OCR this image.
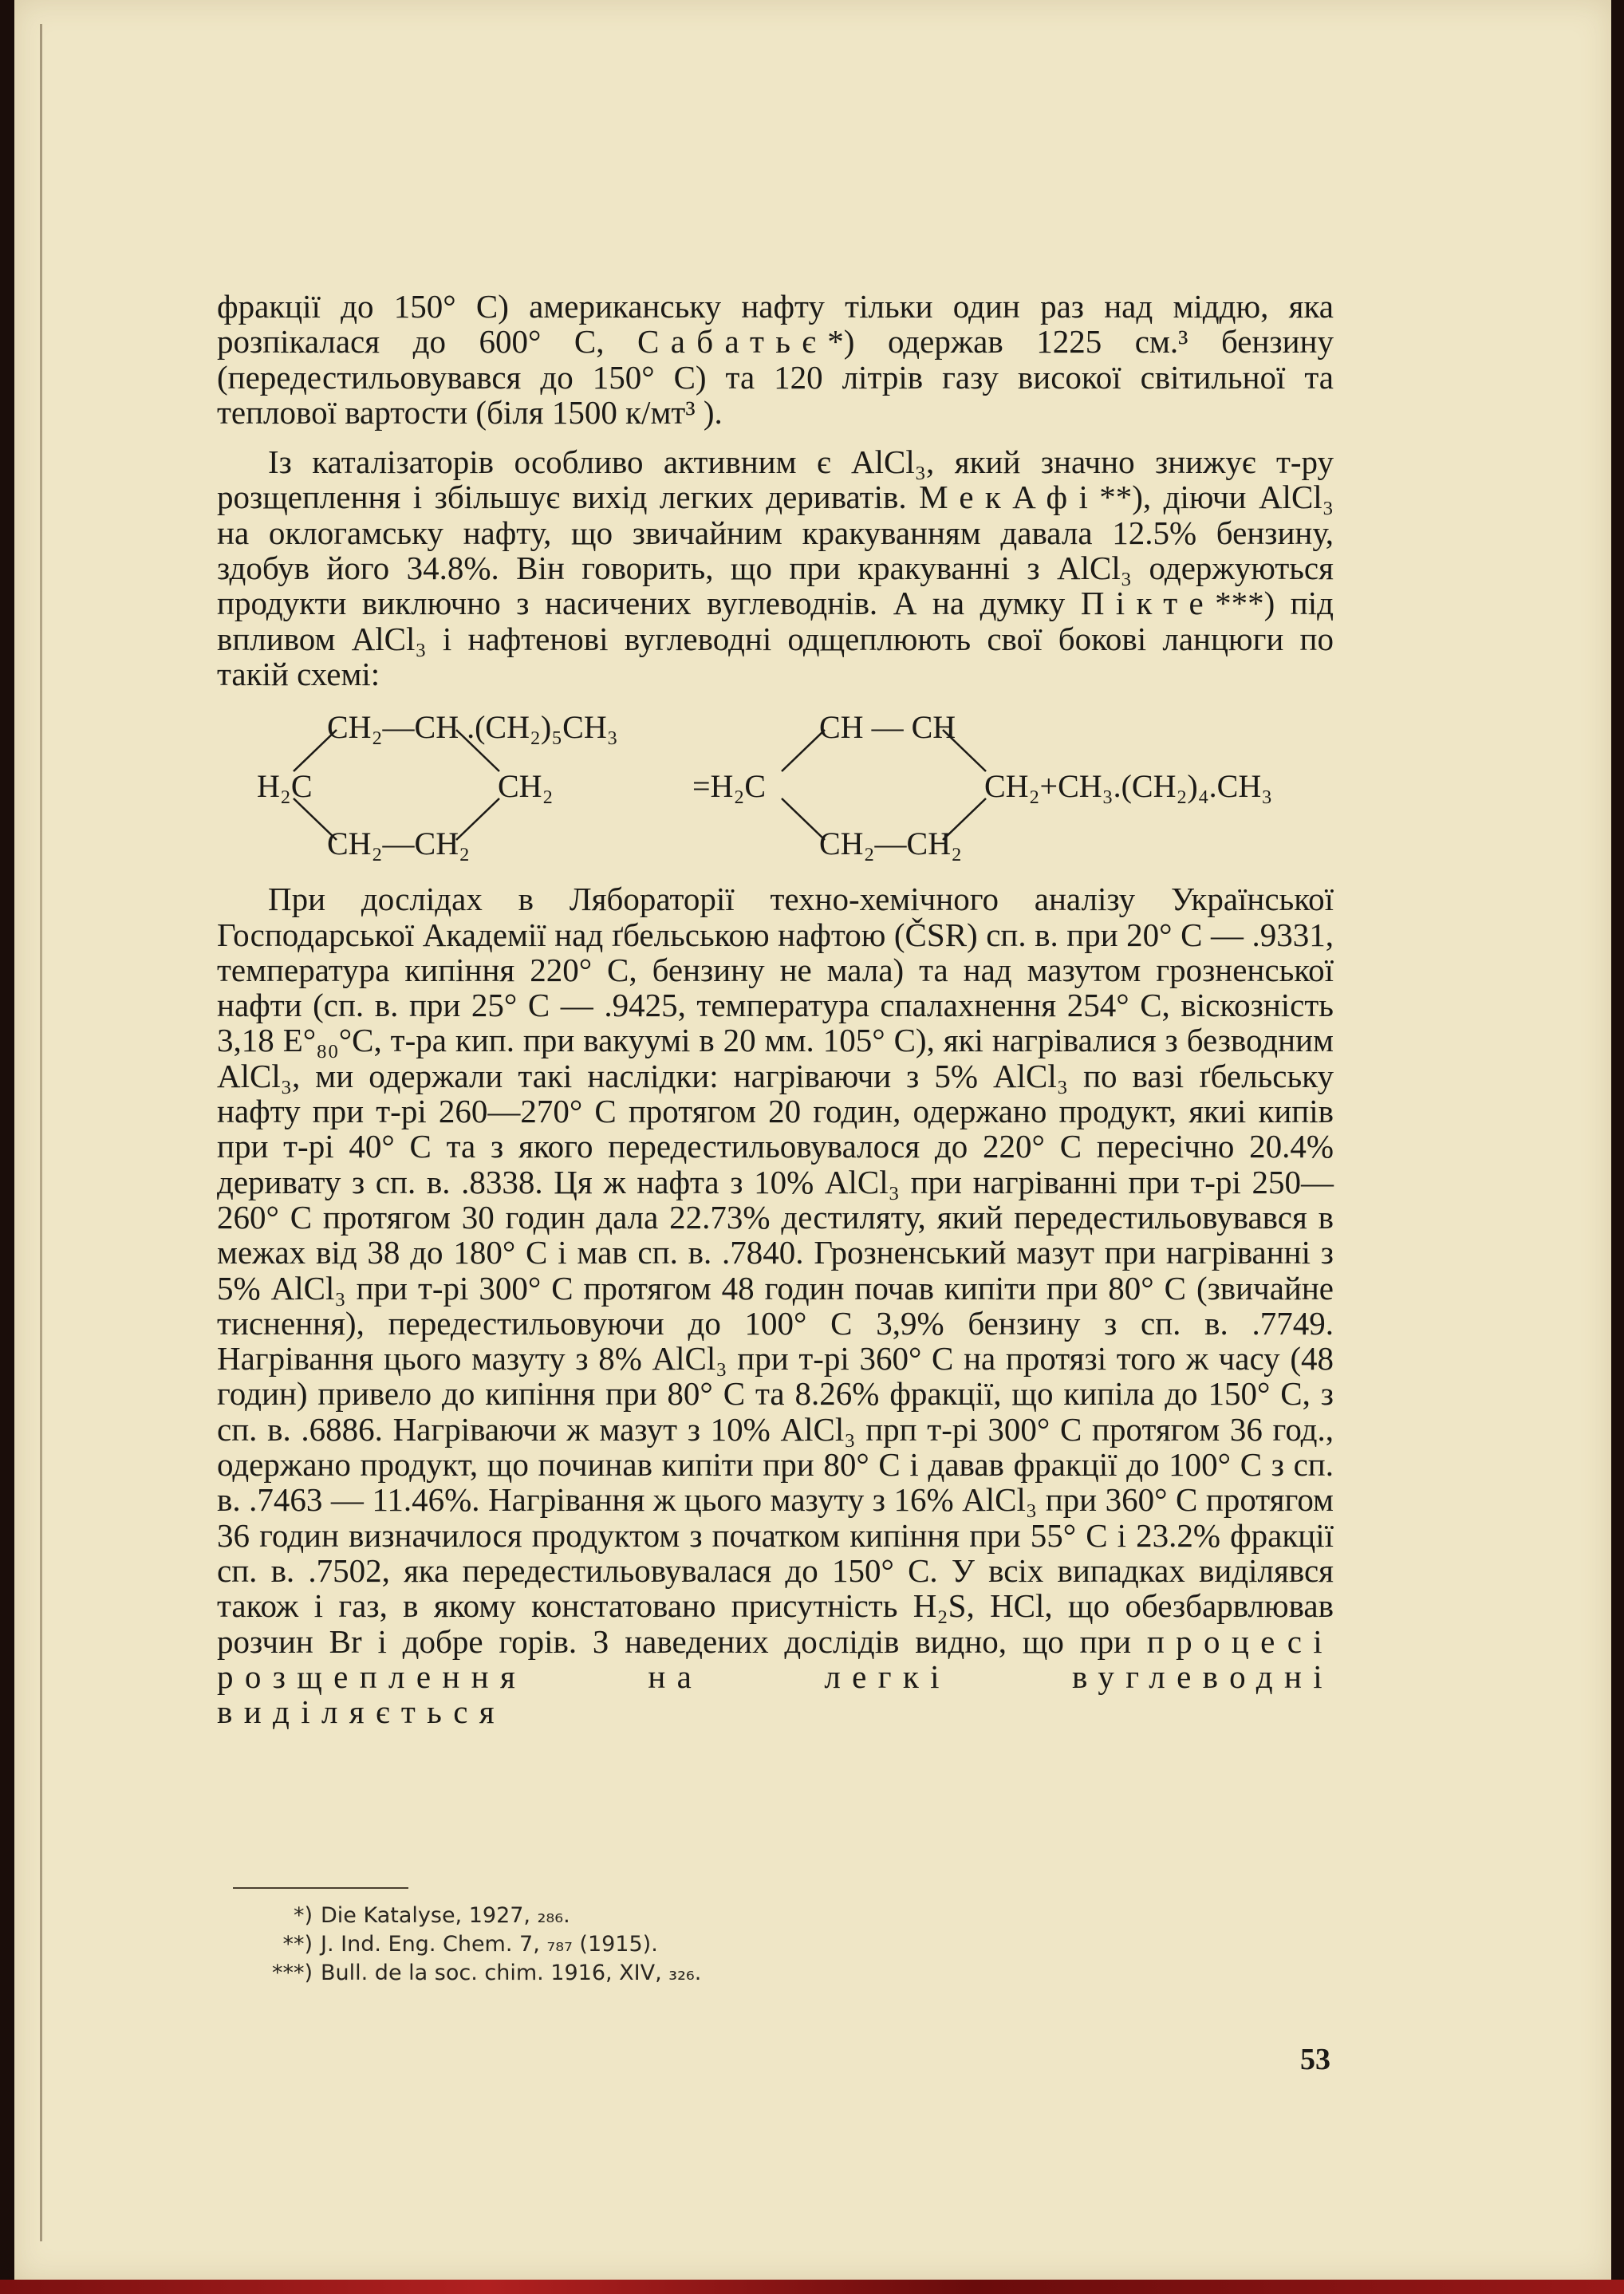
фракції до 150° С) американську нафту тільки один раз над міддю, яка розпікалася до 600° С, Сабатьє*) одержав 1225 см.³ бензину (передестильовувався до 150° С) та 120 літрів газу високої світильної та теплової вартости (біля 1500 к/мт³ ).

Із каталізаторів особливо активним є AlCl₃, який значно знижує т-ру розщеплення і збільшує вихід легких дериватів. МекАфі**), діючи AlCl₃ на оклогамську нафту, що звичайним кракуванням давала 12.5% бензину, здобув його 34.8%. Він говорить, що при кракуванні з AlCl₃ одержуються продукти виключно з насичених вуглеводнів. А на думку Пікте***) під впливом AlCl₃ і нафтенові вуглеводні одщеплюють свої бокові ланцюги по такій схемі:

CH₂—CH .(CH₂)₅CH₃
H₂C	CH₂
CH₂—CH₂
CH — CH
=H₂C	CH₂+CH₃.(CH₂)₄.CH₃
CH₂—CH₂

При дослідах в Лябораторії техно-хемічного аналізу Української Господарської Академії над ґбельською нафтою (ČSR) сп. в. при 20° С — .9331, температура кипіння 220° С, бензину не мала) та над мазутом грозненської нафти (сп. в. при 25° С — .9425, температура спалахнення 254° С, віскозність 3,18 E°₈₀°C, т-ра кип. при вакуумі в 20 мм. 105° С), які нагрівалися з безводним AlCl₃, ми одержали такі наслідки: нагріваючи з 5% AlCl₃ по вазі ґбельську нафту при т-рі 260—270° С протягом 20 годин, одержано продукт, якиі кипів при т-рі 40° С та з якого передестильовувалося до 220° С пересічно 20.4% деривату з сп. в. .8338. Ця ж нафта з 10% AlCl₃ при нагріванні при т-рі 250—260° С протягом 30 годин дала 22.73% дестиляту, який передестильовувався в межах від 38 до 180° С і мав сп. в. .7840. Грозненський мазут при нагріванні з 5% AlCl₃ при т-рі 300° С протягом 48 годин почав кипіти при 80° С (звичайне тиснення), передестильовуючи до 100° С 3,9% бензину з сп. в. .7749. Нагрівання цього мазуту з 8% AlCl₃ при т-рі 360° С на протязі того ж часу (48 годин) привело до кипіння при 80° С та 8.26% фракції, що кипіла до 150° С, з сп. в. .6886. Нагріваючи ж мазут з 10% AlCl₃ прп т-рі 300° С протягом 36 год., одержано продукт, що починав кипіти при 80° С і давав фракції до 100° С з сп. в. .7463 — 11.46%. Нагрівання ж цього мазуту з 16% AlCl₃ при 360° С протягом 36 годин визначилося продуктом з початком кипіння при 55° С і 23.2% фракції сп. в. .7502, яка передестильовувалася до 150° С. У всіх випадках виділявся також і газ, в якому констатовано присутність H₂S, HCl, що обезбарвлював розчин Br і добре горів. З наведених дослідів видно, що при процесі розщеплення на легкі вуглеводні виділяється

*) Die Katalyse, 1927, ₂₈₆.
**) J. Ind. Eng. Chem. 7, ₇₈₇ (1915).
***) Bull. de la soc. chim. 1916, XIV, ₃₂₆.
53
